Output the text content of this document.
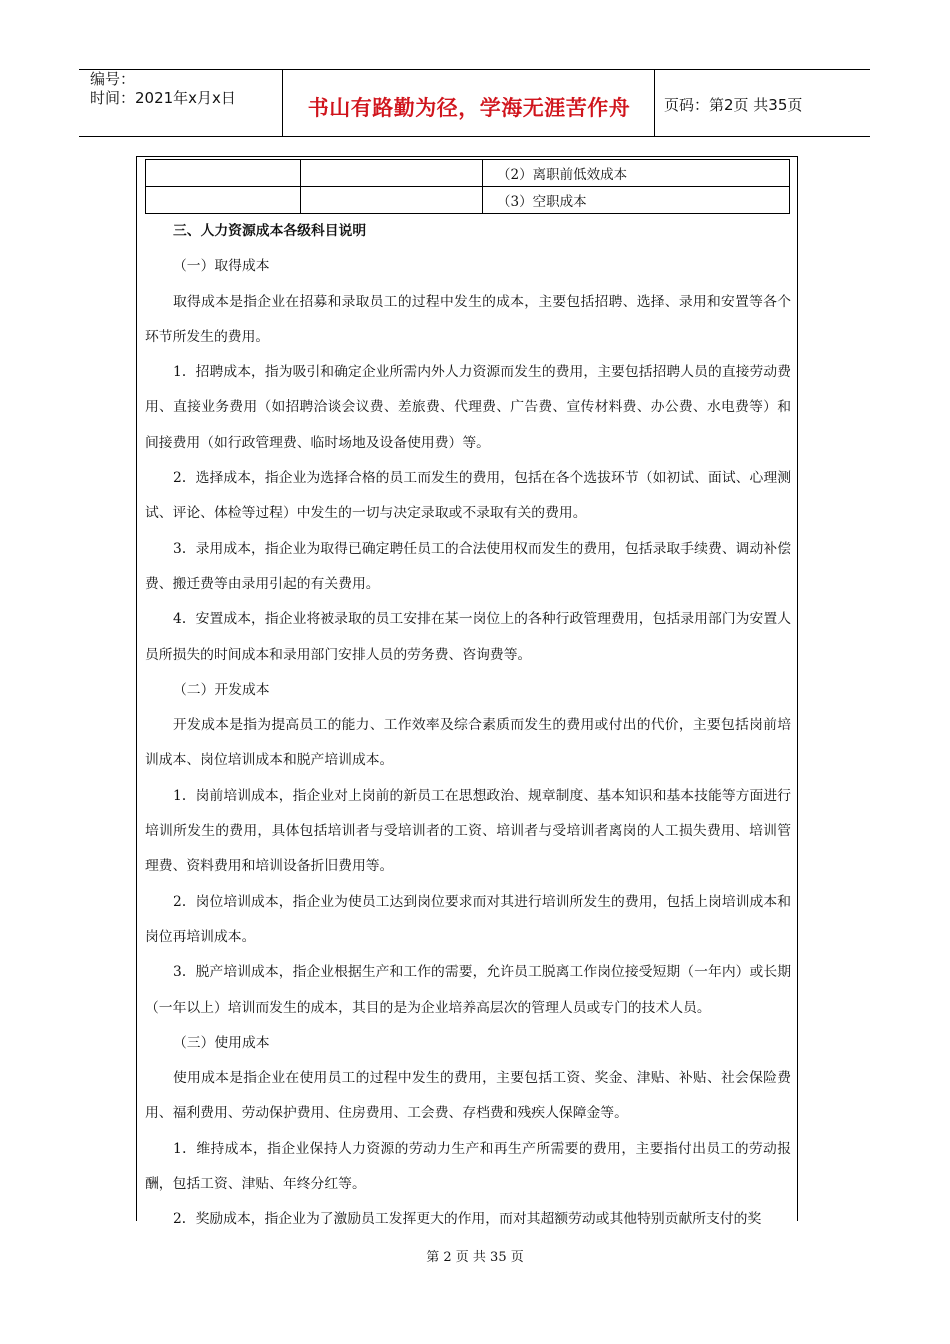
编号：
时间：2021年x月x日	书山有路勤为径，学海无涯苦作舟	页码：第2页 共35页
		（2）离职前低效成本
		（3）空职成本

三、人力资源成本各级科目说明

（一）取得成本

取得成本是指企业在招募和录取员工的过程中发生的成本，主要包括招聘、选择、录用和安置等各个环节所发生的费用。

1．招聘成本，指为吸引和确定企业所需内外人力资源而发生的费用，主要包括招聘人员的直接劳动费用、直接业务费用（如招聘洽谈会议费、差旅费、代理费、广告费、宣传材料费、办公费、水电费等）和间接费用（如行政管理费、临时场地及设备使用费）等。

2．选择成本，指企业为选择合格的员工而发生的费用，包括在各个选拔环节（如初试、面试、心理测试、评论、体检等过程）中发生的一切与决定录取或不录取有关的费用。

3．录用成本，指企业为取得已确定聘任员工的合法使用权而发生的费用，包括录取手续费、调动补偿费、搬迁费等由录用引起的有关费用。

4．安置成本，指企业将被录取的员工安排在某一岗位上的各种行政管理费用，包括录用部门为安置人员所损失的时间成本和录用部门安排人员的劳务费、咨询费等。

（二）开发成本

开发成本是指为提高员工的能力、工作效率及综合素质而发生的费用或付出的代价，主要包括岗前培训成本、岗位培训成本和脱产培训成本。

1．岗前培训成本，指企业对上岗前的新员工在思想政治、规章制度、基本知识和基本技能等方面进行培训所发生的费用，具体包括培训者与受培训者的工资、培训者与受培训者离岗的人工损失费用、培训管理费、资料费用和培训设备折旧费用等。

2．岗位培训成本，指企业为使员工达到岗位要求而对其进行培训所发生的费用，包括上岗培训成本和岗位再培训成本。

3．脱产培训成本，指企业根据生产和工作的需要，允许员工脱离工作岗位接受短期（一年内）或长期（一年以上）培训而发生的成本，其目的是为企业培养高层次的管理人员或专门的技术人员。

（三）使用成本

使用成本是指企业在使用员工的过程中发生的费用，主要包括工资、奖金、津贴、补贴、社会保险费用、福利费用、劳动保护费用、住房费用、工会费、存档费和残疾人保障金等。

1．维持成本，指企业保持人力资源的劳动力生产和再生产所需要的费用，主要指付出员工的劳动报酬，包括工资、津贴、年终分红等。

2．奖励成本，指企业为了激励员工发挥更大的作用，而对其超额劳动或其他特别贡献所支付的奖

第 2 页 共 35 页
